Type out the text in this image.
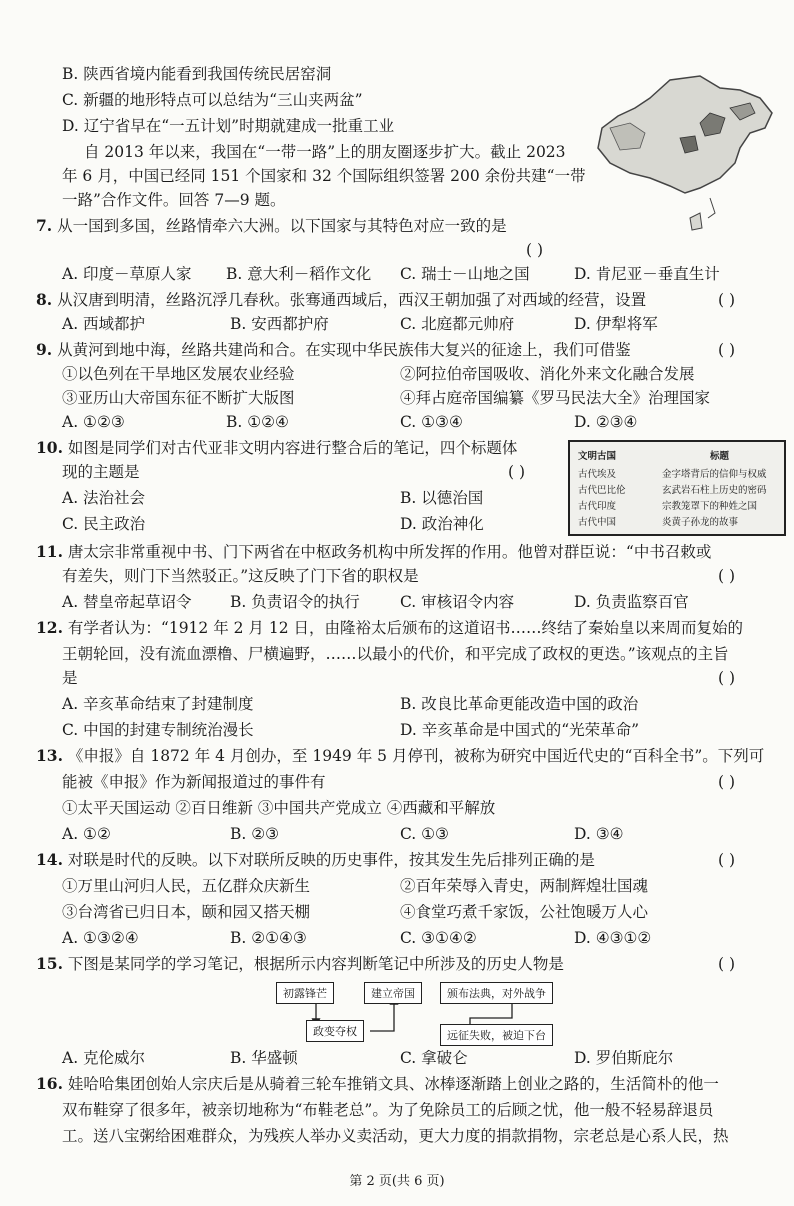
B. 陕西省境内能看到我国传统民居窑洞
C. 新疆的地形特点可以总结为“三山夹两盆”
D. 辽宁省早在“一五计划”时期就建成一批重工业
自 2013 年以来，我国在“一带一路”上的朋友圈逐步扩大。截止 2023
年 6 月，中国已经同 151 个国家和 32 个国际组织签署 200 余份共建“一带
一路”合作文件。回答 7—9 题。
7. 从一国到多国，丝路情牵六大洲。以下国家与其特色对应一致的是
( )
A. 印度－草原人家 B. 意大利－稻作文化 C. 瑞士－山地之国	D. 肯尼亚－垂直生计
8. 从汉唐到明清，丝路沉浮几春秋。张骞通西域后，西汉王朝加强了对西域的经营，设置	( )
A. 西域都护	B. 安西都护府	C. 北庭都元帅府	D. 伊犁将军
9. 从黄河到地中海，丝路共建尚和合。在实现中华民族伟大复兴的征途上，我们可借鉴	( )
①以色列在干旱地区发展农业经验	②阿拉伯帝国吸收、消化外来文化融合发展
③亚历山大帝国东征不断扩大版图	④拜占庭帝国编纂《罗马民法大全》治理国家
A. ①②③	B. ①②④	C. ①③④	D. ②③④
10. 如图是同学们对古代亚非文明内容进行整合后的笔记，四个标题体
现的主题是	( )
A. 法治社会	B. 以德治国
C. 民主政治	D. 政治神化
文明古国	标题
古代埃及	金字塔背后的信仰与权威
古代巴比伦	玄武岩石柱上历史的密码
古代印度	宗教笼罩下的种姓之国
古代中国	炎黄子孙龙的故事
11. 唐太宗非常重视中书、门下两省在中枢政务机构中所发挥的作用。他曾对群臣说：“中书召敕或
有差失，则门下当然驳正。”这反映了门下省的职权是	( )
A. 替皇帝起草诏令 B. 负责诏令的执行	C. 审核诏令内容	D. 负责监察百官
12. 有学者认为：“1912 年 2 月 12 日，由隆裕太后颁布的这道诏书……终结了秦始皇以来周而复始的
王朝轮回，没有流血漂橹、尸横遍野，……以最小的代价，和平完成了政权的更迭。”该观点的主旨
是	( )
A. 辛亥革命结束了封建制度	B. 改良比革命更能改造中国的政治
C. 中国的封建专制统治漫长	D. 辛亥革命是中国式的“光荣革命”
13. 《申报》自 1872 年 4 月创办，至 1949 年 5 月停刊，被称为研究中国近代史的“百科全书”。下列可
能被《申报》作为新闻报道过的事件有	( )
①太平天国运动 ②百日维新 ③中国共产党成立 ④西藏和平解放
A. ①②	B. ②③	C. ①③	D. ③④
14. 对联是时代的反映。以下对联所反映的历史事件，按其发生先后排列正确的是	( )
①万里山河归人民，五亿群众庆新生	②百年荣辱入青史，两制辉煌壮国魂
③台湾省已归日本，颐和园又搭天棚	④食堂巧煮千家饭，公社饱暖万人心
A. ①③②④	B. ②①④③	C. ③①④②	D. ④③①②
15. 下图是某同学的学习笔记，根据所示内容判断笔记中所涉及的历史人物是	( )
初露锋芒	建立帝国	颁布法典，对外战争
政变夺权	远征失败，被迫下台
A. 克伦威尔	B. 华盛顿	C. 拿破仑	D. 罗伯斯庇尔
16. 娃哈哈集团创始人宗庆后是从骑着三轮车推销文具、冰棒逐渐踏上创业之路的，生活简朴的他一
双布鞋穿了很多年，被亲切地称为“布鞋老总”。为了免除员工的后顾之忧，他一般不轻易辞退员
工。送八宝粥给困难群众，为残疾人举办义卖活动，更大力度的捐款捐物，宗老总是心系人民，热
第 2 页(共 6 页)
